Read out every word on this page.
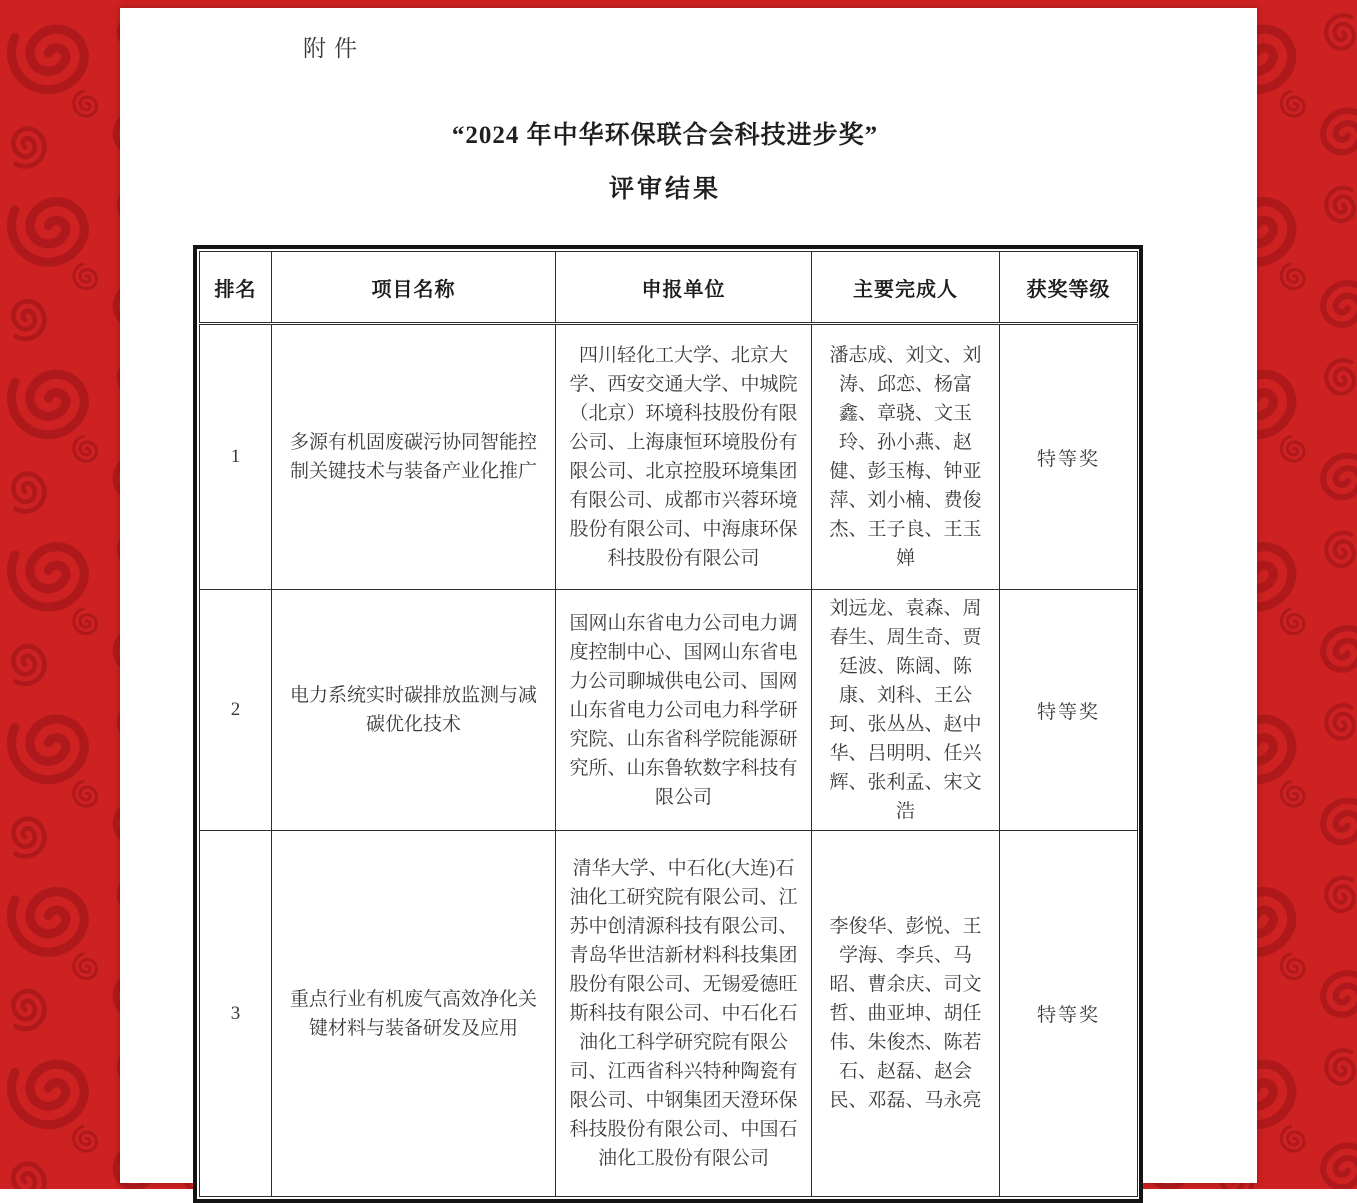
附件
“2024 年中华环保联合会科技进步奖”
评审结果
排名	项目名称	申报单位	主要完成人	获奖等级
1	多源有机固废碳污协同智能控制关键技术与装备产业化推广	四川轻化工大学、北京大学、西安交通大学、中城院（北京）环境科技股份有限公司、上海康恒环境股份有限公司、北京控股环境集团有限公司、成都市兴蓉环境股份有限公司、中海康环保科技股份有限公司	潘志成、刘文、刘涛、邱恋、杨富鑫、章骁、文玉玲、孙小燕、赵健、彭玉梅、钟亚萍、刘小楠、费俊杰、王子良、王玉婵	特等奖
2	电力系统实时碳排放监测与减碳优化技术	国网山东省电力公司电力调度控制中心、国网山东省电力公司聊城供电公司、国网山东省电力公司电力科学研究院、山东省科学院能源研究所、山东鲁软数字科技有限公司	刘远龙、袁森、周春生、周生奇、贾廷波、陈阔、陈康、刘科、王公珂、张丛丛、赵中华、吕明明、任兴辉、张利孟、宋文浩	特等奖
3	重点行业有机废气高效净化关键材料与装备研发及应用	清华大学、中石化(大连)石油化工研究院有限公司、江苏中创清源科技有限公司、青岛华世洁新材料科技集团股份有限公司、无锡爱德旺斯科技有限公司、中石化石油化工科学研究院有限公司、江西省科兴特种陶瓷有限公司、中钢集团天澄环保科技股份有限公司、中国石油化工股份有限公司	李俊华、彭悦、王学海、李兵、马昭、曹余庆、司文哲、曲亚坤、胡任伟、朱俊杰、陈若石、赵磊、赵会民、邓磊、马永亮	特等奖
